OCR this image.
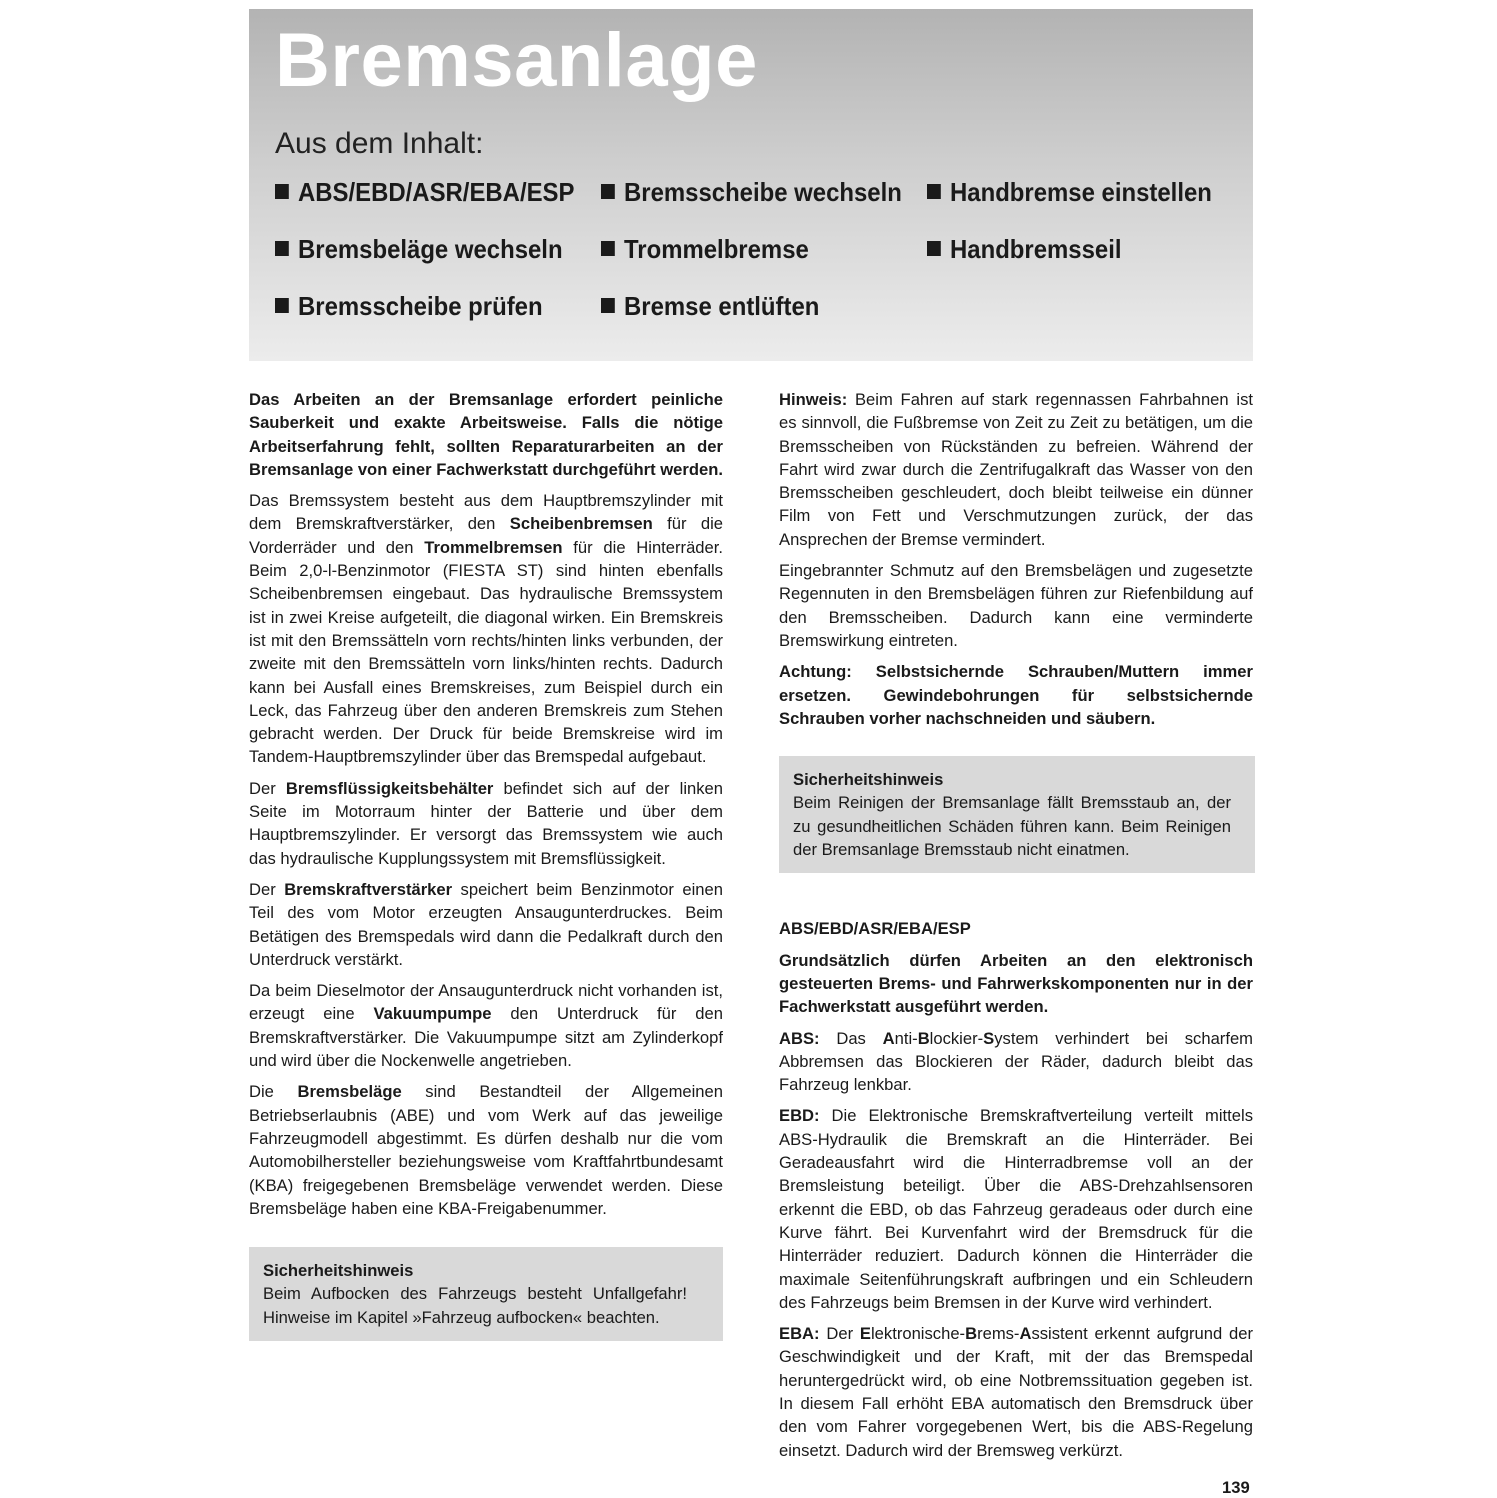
Bremsanlage
Aus dem Inhalt:
ABS/EBD/ASR/EBA/ESP	Bremsscheibe wechseln	Handbremse einstellen
Bremsbeläge wechseln	Trommelbremse	Handbremsseil
Bremsscheibe prüfen	Bremse entlüften

Das Arbeiten an der Bremsanlage erfordert peinliche Sauberkeit und exakte Arbeitsweise. Falls die nötige Arbeitserfahrung fehlt, sollten Reparaturarbeiten an der Bremsanlage von einer Fachwerkstatt durchgeführt werden.

Das Bremssystem besteht aus dem Hauptbremszylinder mit dem Bremskraftverstärker, den Scheibenbremsen für die Vorderräder und den Trommelbremsen für die Hinterräder. Beim 2,0-l-Benzinmotor (FIESTA ST) sind hinten ebenfalls Scheibenbremsen eingebaut. Das hydraulische Bremssystem ist in zwei Kreise aufgeteilt, die diagonal wirken. Ein Bremskreis ist mit den Bremssätteln vorn rechts/hinten links verbunden, der zweite mit den Bremssätteln vorn links/hinten rechts. Dadurch kann bei Ausfall eines Bremskreises, zum Beispiel durch ein Leck, das Fahrzeug über den anderen Bremskreis zum Stehen gebracht werden. Der Druck für beide Bremskreise wird im Tandem-Hauptbremszylinder über das Bremspedal aufgebaut.

Der Bremsflüssigkeitsbehälter befindet sich auf der linken Seite im Motorraum hinter der Batterie und über dem Hauptbremszylinder. Er versorgt das Bremssystem wie auch das hydraulische Kupplungssystem mit Bremsflüssigkeit.

Der Bremskraftverstärker speichert beim Benzinmotor einen Teil des vom Motor erzeugten Ansaugunterdruckes. Beim Betätigen des Bremspedals wird dann die Pedalkraft durch den Unterdruck verstärkt.

Da beim Dieselmotor der Ansaugunterdruck nicht vorhanden ist, erzeugt eine Vakuumpumpe den Unterdruck für den Bremskraftverstärker. Die Vakuumpumpe sitzt am Zylinderkopf und wird über die Nockenwelle angetrieben.

Die Bremsbeläge sind Bestandteil der Allgemeinen Betriebserlaubnis (ABE) und vom Werk auf das jeweilige Fahrzeugmodell abgestimmt. Es dürfen deshalb nur die vom Automobilhersteller beziehungsweise vom Kraftfahrtbundesamt (KBA) freigegebenen Bremsbeläge verwendet werden. Diese Bremsbeläge haben eine KBA-Freigabenummer.

Sicherheitshinweis
Beim Aufbocken des Fahrzeugs besteht Unfallgefahr! Hinweise im Kapitel »Fahrzeug aufbocken« beachten.

Hinweis: Beim Fahren auf stark regennassen Fahrbahnen ist es sinnvoll, die Fußbremse von Zeit zu Zeit zu betätigen, um die Bremsscheiben von Rückständen zu befreien. Während der Fahrt wird zwar durch die Zentrifugalkraft das Wasser von den Bremsscheiben geschleudert, doch bleibt teilweise ein dünner Film von Fett und Verschmutzungen zurück, der das Ansprechen der Bremse vermindert.

Eingebrannter Schmutz auf den Bremsbelägen und zugesetzte Regennuten in den Bremsbelägen führen zur Riefenbildung auf den Bremsscheiben. Dadurch kann eine verminderte Bremswirkung eintreten.

Achtung: Selbstsichernde Schrauben/Muttern immer ersetzen. Gewindebohrungen für selbstsichernde Schrauben vorher nachschneiden und säubern.

Sicherheitshinweis
Beim Reinigen der Bremsanlage fällt Bremsstaub an, der zu gesundheitlichen Schäden führen kann. Beim Reinigen der Bremsanlage Bremsstaub nicht einatmen.

ABS/EBD/ASR/EBA/ESP

Grundsätzlich dürfen Arbeiten an den elektronisch gesteuerten Brems- und Fahrwerkskomponenten nur in der Fachwerkstatt ausgeführt werden.

ABS: Das Anti-Blockier-System verhindert bei scharfem Abbremsen das Blockieren der Räder, dadurch bleibt das Fahrzeug lenkbar.

EBD: Die Elektronische Bremskraftverteilung verteilt mittels ABS-Hydraulik die Bremskraft an die Hinterräder. Bei Geradeausfahrt wird die Hinterradbremse voll an der Bremsleistung beteiligt. Über die ABS-Drehzahlsensoren erkennt die EBD, ob das Fahrzeug geradeaus oder durch eine Kurve fährt. Bei Kurvenfahrt wird der Bremsdruck für die Hinterräder reduziert. Dadurch können die Hinterräder die maximale Seitenführungskraft aufbringen und ein Schleudern des Fahrzeugs beim Bremsen in der Kurve wird verhindert.

EBA: Der Elektronische-Brems-Assistent erkennt aufgrund der Geschwindigkeit und der Kraft, mit der das Bremspedal heruntergedrückt wird, ob eine Notbremssituation gegeben ist. In diesem Fall erhöht EBA automatisch den Bremsdruck über den vom Fahrer vorgegebenen Wert, bis die ABS-Regelung einsetzt. Dadurch wird der Bremsweg verkürzt.

139
